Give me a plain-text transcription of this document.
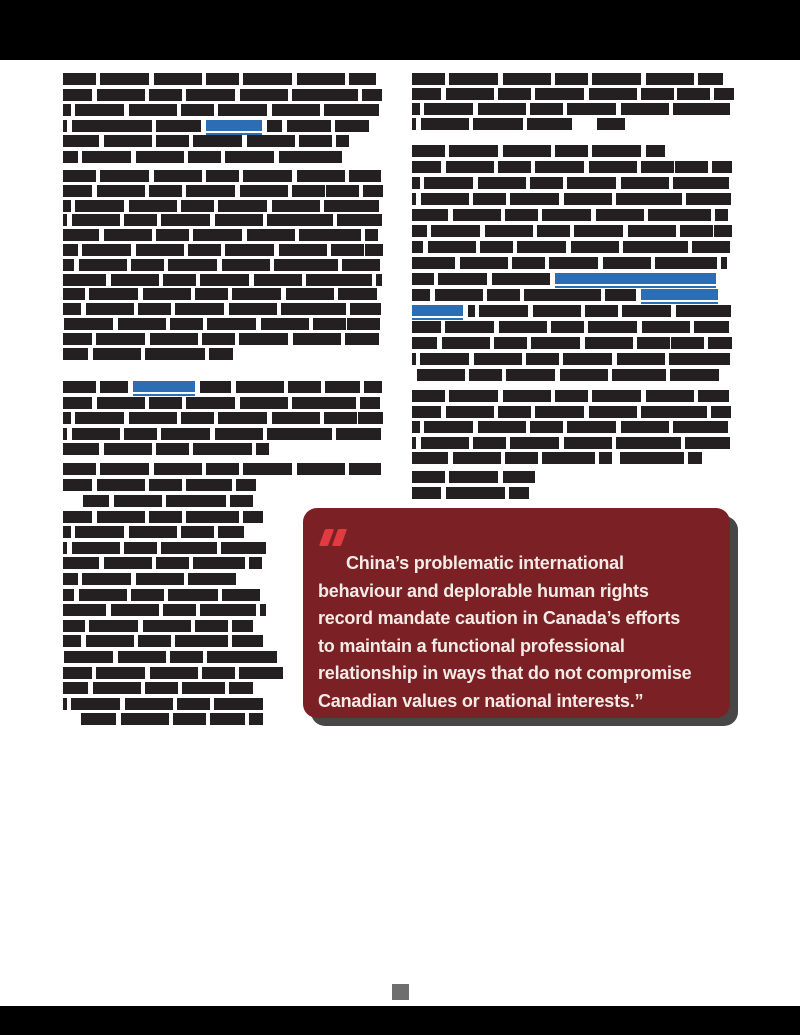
China’s problematic international
behaviour and deplorable human rights
record mandate caution in Canada’s efforts
to maintain a functional professional
relationship in ways that do not compromise
Canadian values or national interests.”
